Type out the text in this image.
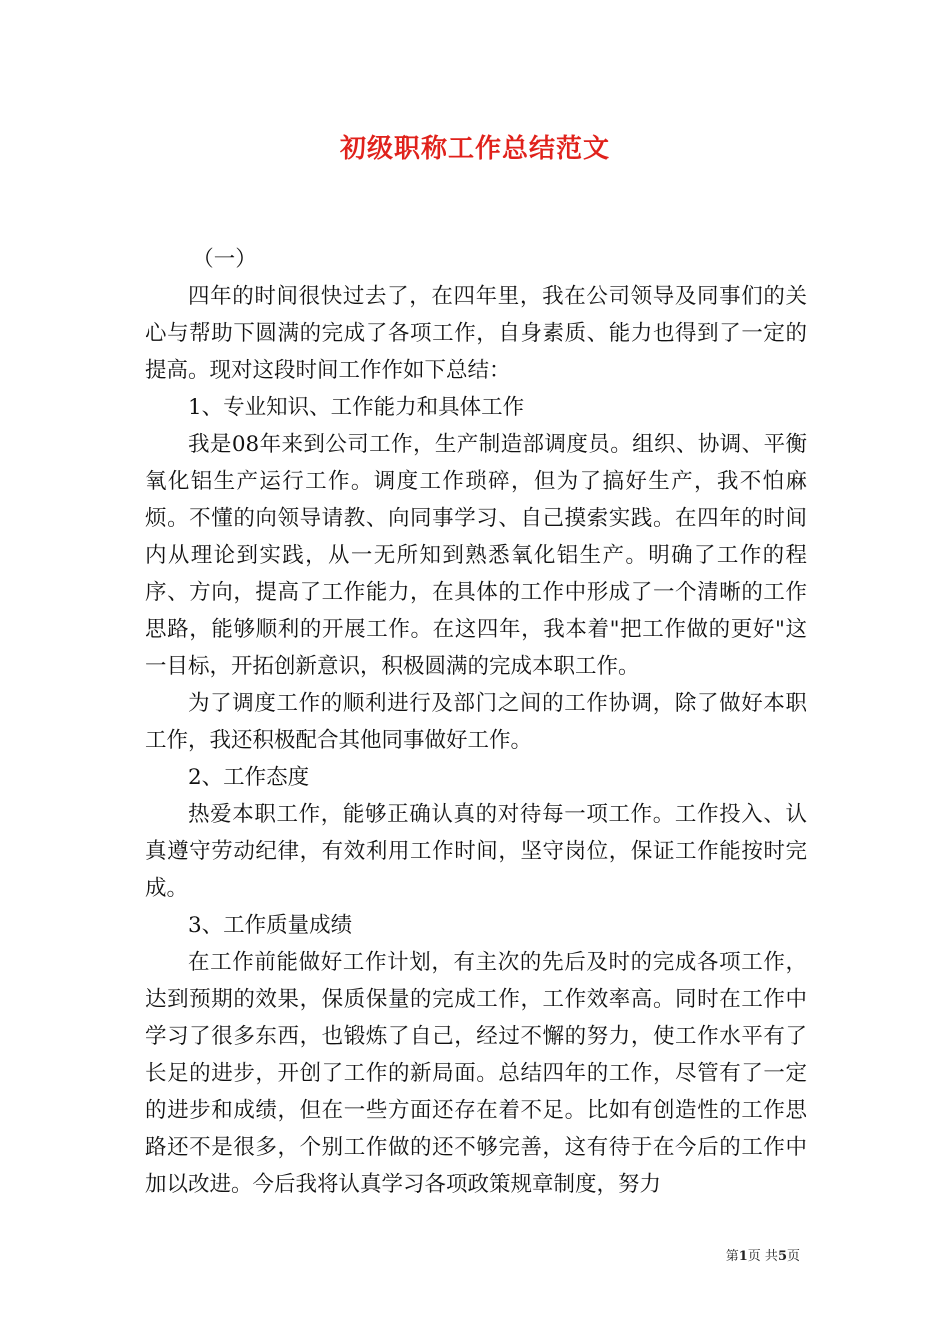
初级职称工作总结范文

（一）

四年的时间很快过去了，在四年里，我在公司领导及同事们的关心与帮助下圆满的完成了各项工作，自身素质、能力也得到了一定的提高。现对这段时间工作作如下总结：

1、专业知识、工作能力和具体工作

我是08年来到公司工作，生产制造部调度员。组织、协调、平衡氧化铝生产运行工作。调度工作琐碎，但为了搞好生产，我不怕麻烦。不懂的向领导请教、向同事学习、自己摸索实践。在四年的时间内从理论到实践，从一无所知到熟悉氧化铝生产。明确了工作的程序、方向，提高了工作能力，在具体的工作中形成了一个清晰的工作思路，能够顺利的开展工作。在这四年，我本着"把工作做的更好"这一目标，开拓创新意识，积极圆满的完成本职工作。

为了调度工作的顺利进行及部门之间的工作协调，除了做好本职工作，我还积极配合其他同事做好工作。

2、工作态度

热爱本职工作，能够正确认真的对待每一项工作。工作投入、认真遵守劳动纪律，有效利用工作时间，坚守岗位，保证工作能按时完成。

3、工作质量成绩

在工作前能做好工作计划，有主次的先后及时的完成各项工作，达到预期的效果，保质保量的完成工作，工作效率高。同时在工作中学习了很多东西，也锻炼了自己，经过不懈的努力，使工作水平有了长足的进步，开创了工作的新局面。总结四年的工作，尽管有了一定的进步和成绩，但在一些方面还存在着不足。比如有创造性的工作思路还不是很多，个别工作做的还不够完善，这有待于在今后的工作中加以改进。今后我将认真学习各项政策规章制度，努力

第1页 共5页
